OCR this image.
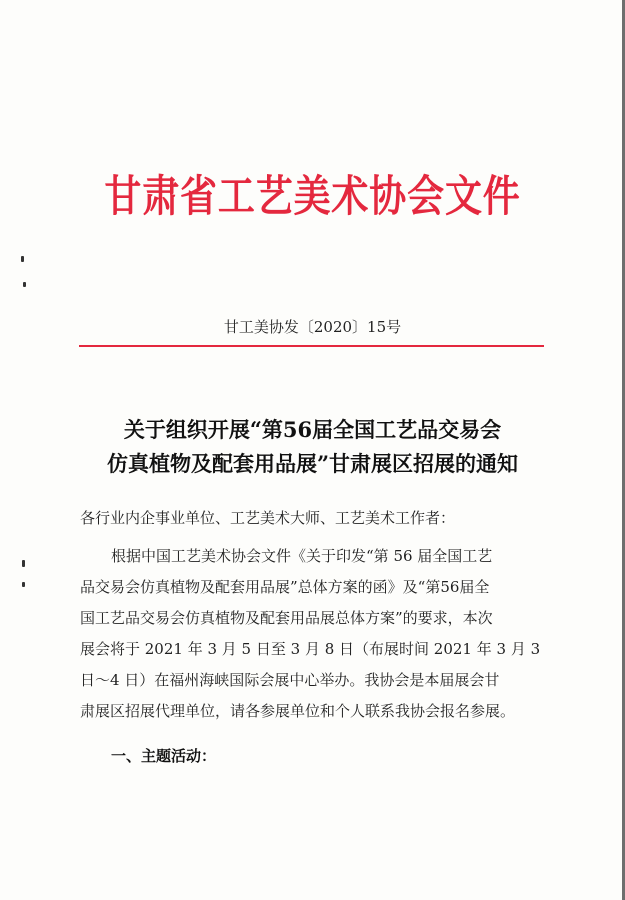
甘肃省工艺美术协会文件
甘工美协发〔2020〕15号
关于组织开展“第56届全国工艺品交易会
仿真植物及配套用品展”甘肃展区招展的通知
各行业内企事业单位、工艺美术大师、工艺美术工作者：
根据中国工艺美术协会文件《关于印发“第 56 届全国工艺
品交易会仿真植物及配套用品展”总体方案的函》及“第56届全
国工艺品交易会仿真植物及配套用品展总体方案”的要求，本次
展会将于 2021 年 3 月 5 日至 3 月 8 日（布展时间 2021 年 3 月 3
日～4 日）在福州海峡国际会展中心举办。我协会是本届展会甘
肃展区招展代理单位，请各参展单位和个人联系我协会报名参展。
一、主题活动：
